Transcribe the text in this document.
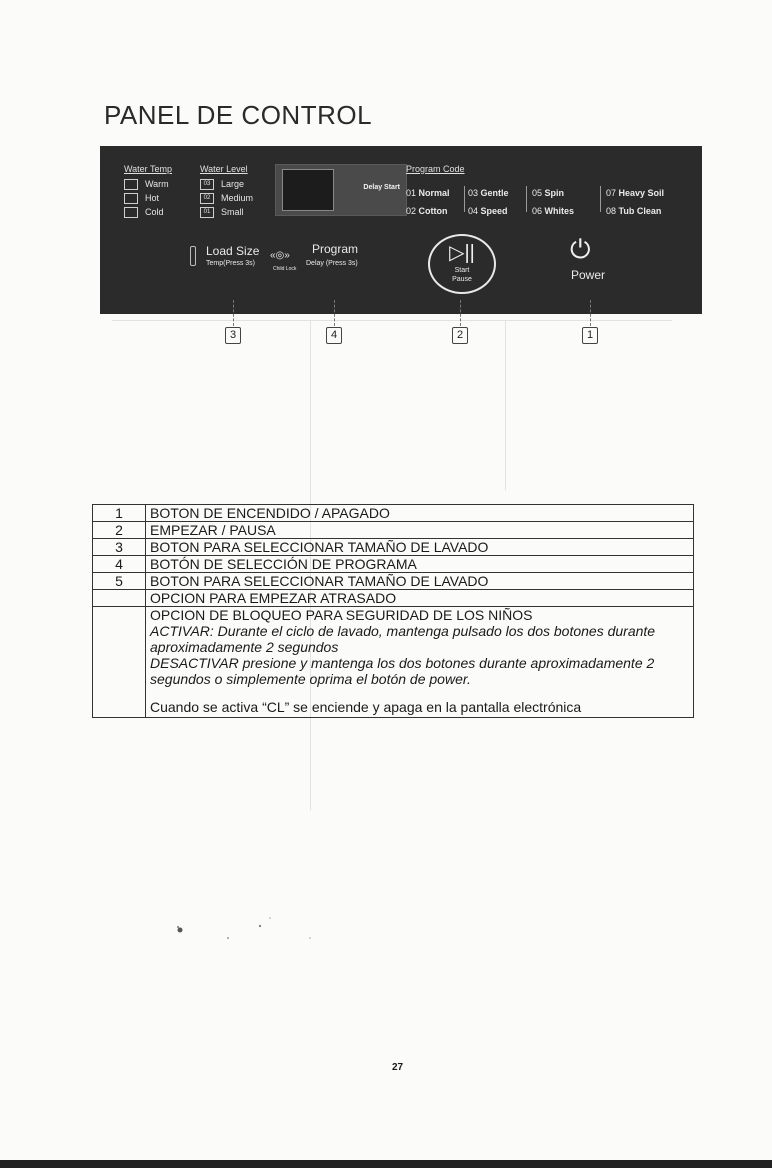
PANEL DE CONTROL
Water Temp
Warm
Hot
Cold
Water Level
03 Large
02 Medium
01 Small
Delay Start
Program Code
01 Normal 03 Gentle	05 Spin	07 Heavy Soil
02 Cotton 04 Speed	06 Whites	08 Tub Clean
Load Size
Temp(Press 3s)
«◎»
Child Lock
Program
Delay (Press 3s)	▷||
Start
Pause
⏻
Power
3	4	2	1
1	BOTON DE ENCENDIDO / APAGADO
2	EMPEZAR / PAUSA
3	BOTON PARA SELECCIONAR TAMAÑO DE LAVADO
4	BOTÓN DE SELECCIÓN DE PROGRAMA
5	BOTON PARA SELECCIONAR TAMAÑO DE LAVADO
	OPCION PARA EMPEZAR ATRASADO

	OPCION DE BLOQUEO PARA SEGURIDAD DE LOS NIÑOS
ACTIVAR: Durante el ciclo de lavado, mantenga pulsado los dos botones durante aproximadamente 2 segundos
DESACTIVAR presione y mantenga los dos botones durante aproximadamente 2 segundos o simplemente oprima el botón de power.
Cuando se activa “CL” se enciende y apaga en la pantalla electrónica
27
